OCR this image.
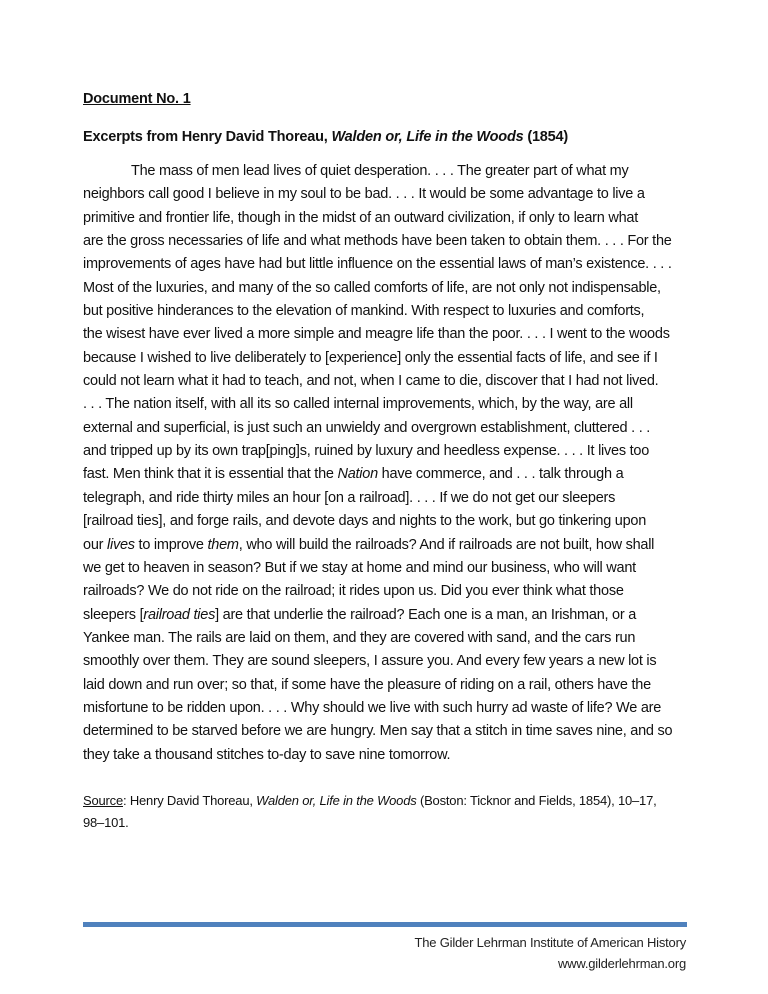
Document No. 1
Excerpts from Henry David Thoreau, Walden or, Life in the Woods (1854)
The mass of men lead lives of quiet desperation. . . . The greater part of what my
neighbors call good I believe in my soul to be bad. . . . It would be some advantage to live a
primitive and frontier life, though in the midst of an outward civilization, if only to learn what
are the gross necessaries of life and what methods have been taken to obtain them. . . . For the
improvements of ages have had but little influence on the essential laws of man’s existence. . . .
Most of the luxuries, and many of the so called comforts of life, are not only not indispensable,
but positive hinderances to the elevation of mankind. With respect to luxuries and comforts,
the wisest have ever lived a more simple and meagre life than the poor. . . . I went to the woods
because I wished to live deliberately to [experience] only the essential facts of life, and see if I
could not learn what it had to teach, and not, when I came to die, discover that I had not lived.
. . . The nation itself, with all its so called internal improvements, which, by the way, are all
external and superficial, is just such an unwieldy and overgrown establishment, cluttered . . .
and tripped up by its own trap[ping]s, ruined by luxury and heedless expense. . . . It lives too
fast. Men think that it is essential that the Nation have commerce, and . . . talk through a
telegraph, and ride thirty miles an hour [on a railroad]. . . . If we do not get our sleepers
[railroad ties], and forge rails, and devote days and nights to the work, but go tinkering upon
our lives to improve them, who will build the railroads? And if railroads are not built, how shall
we get to heaven in season? But if we stay at home and mind our business, who will want
railroads? We do not ride on the railroad; it rides upon us. Did you ever think what those
sleepers [railroad ties] are that underlie the railroad? Each one is a man, an Irishman, or a
Yankee man. The rails are laid on them, and they are covered with sand, and the cars run
smoothly over them. They are sound sleepers, I assure you. And every few years a new lot is
laid down and run over; so that, if some have the pleasure of riding on a rail, others have the
misfortune to be ridden upon. . . . Why should we live with such hurry ad waste of life? We are
determined to be starved before we are hungry. Men say that a stitch in time saves nine, and so
they take a thousand stitches to-day to save nine tomorrow.
Source: Henry David Thoreau, Walden or, Life in the Woods (Boston: Ticknor and Fields, 1854), 10–17,
98–101.
The Gilder Lehrman Institute of American History
www.gilderlehrman.org
